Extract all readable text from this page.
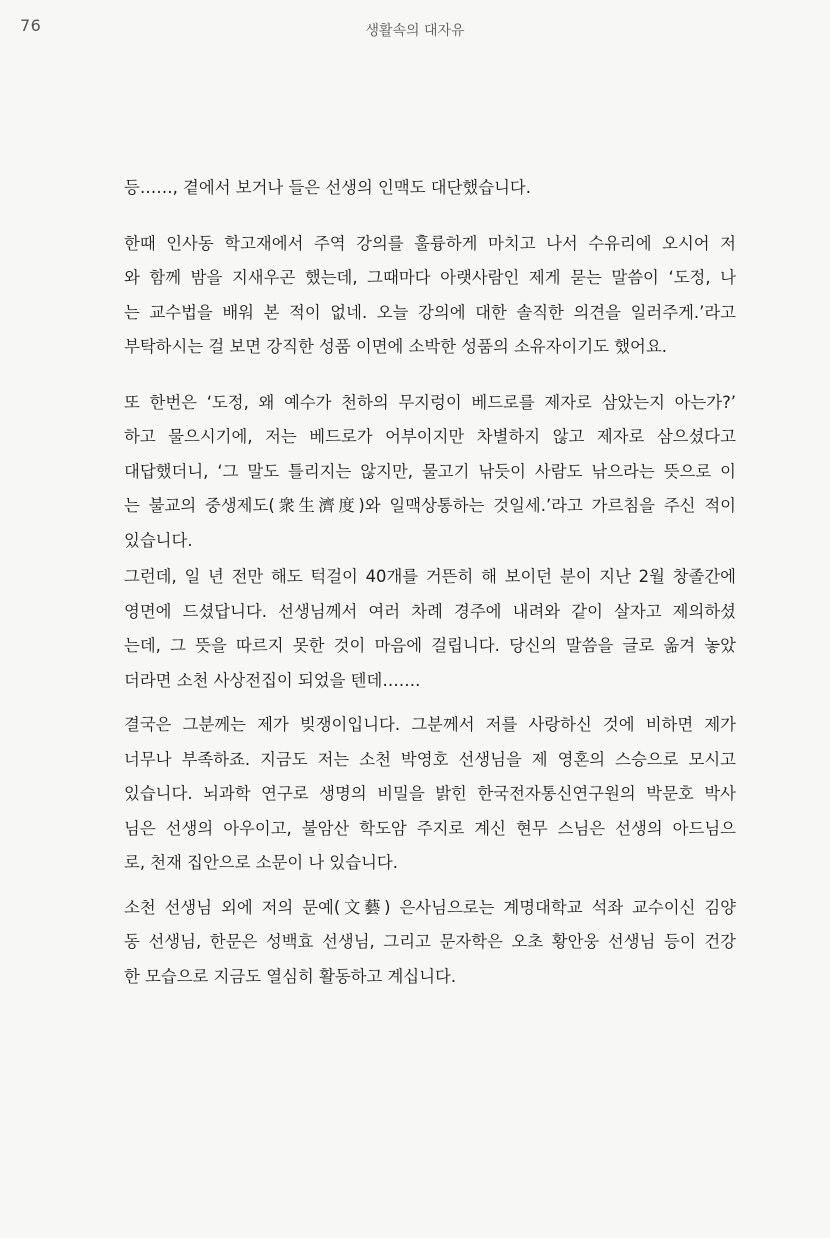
76	생활속의 대자유
등……, 곁에서 보거나 들은 선생의 인맥도 대단했습니다.
한때 인사동 학고재에서 주역 강의를 훌륭하게 마치고 나서 수유리에 오시어 저
와 함께 밤을 지새우곤 했는데, 그때마다 아랫사람인 제게 묻는 말씀이 ‘도정, 나
는 교수법을 배워 본 적이 없네. 오늘 강의에 대한 솔직한 의견을 일러주게.’라고
부탁하시는 걸 보면 강직한 성품 이면에 소박한 성품의 소유자이기도 했어요.
또 한번은 ‘도정, 왜 예수가 천하의 무지렁이 베드로를 제자로 삼았는지 아는가?’
하고 물으시기에, 저는 베드로가 어부이지만 차별하지 않고 제자로 삼으셨다고
대답했더니, ‘그 말도 틀리지는 않지만, 물고기 낚듯이 사람도 낚으라는 뜻으로 이
는 불교의 중생제도(衆生濟度)와 일맥상통하는 것일세.’라고 가르침을 주신 적이
있습니다.
그런데, 일 년 전만 해도 턱걸이 40개를 거뜬히 해 보이던 분이 지난 2월 창졸간에
영면에 드셨답니다. 선생님께서 여러 차례 경주에 내려와 같이 살자고 제의하셨
는데, 그 뜻을 따르지 못한 것이 마음에 걸립니다. 당신의 말씀을 글로 옮겨 놓았
더라면 소천 사상전집이 되었을 텐데…….
결국은 그분께는 제가 빚쟁이입니다. 그분께서 저를 사랑하신 것에 비하면 제가
너무나 부족하죠. 지금도 저는 소천 박영호 선생님을 제 영혼의 스승으로 모시고
있습니다. 뇌과학 연구로 생명의 비밀을 밝힌 한국전자통신연구원의 박문호 박사
님은 선생의 아우이고, 불암산 학도암 주지로 계신 현무 스님은 선생의 아드님으
로, 천재 집안으로 소문이 나 있습니다.
소천 선생님 외에 저의 문예(文藝) 은사님으로는 계명대학교 석좌 교수이신 김양
동 선생님, 한문은 성백효 선생님, 그리고 문자학은 오초 황안웅 선생님 등이 건강
한 모습으로 지금도 열심히 활동하고 계십니다.
